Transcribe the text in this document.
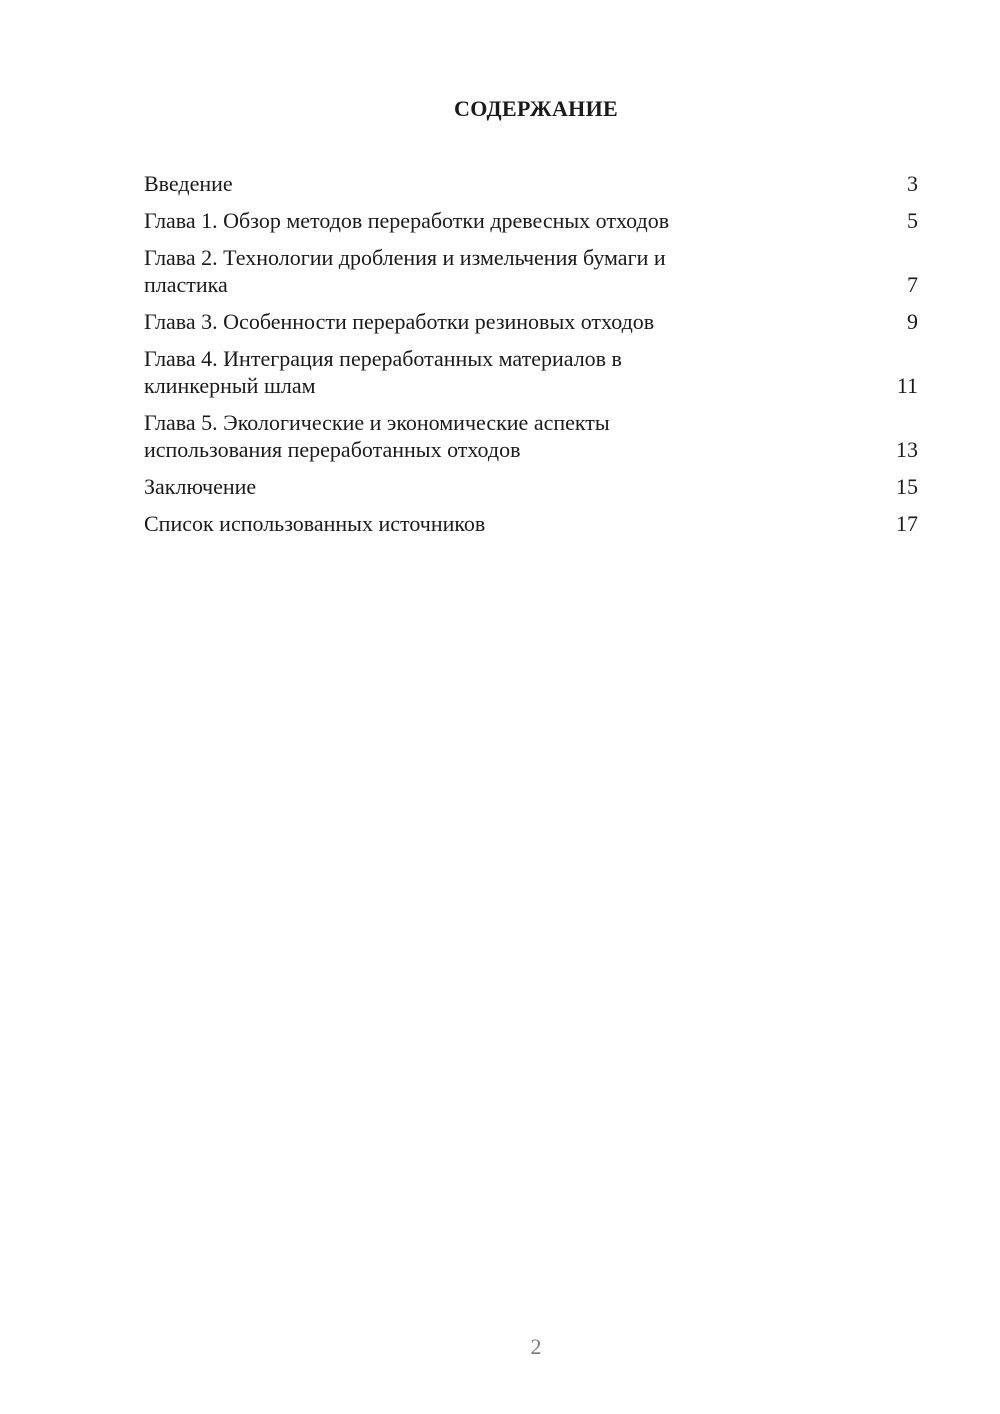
СОДЕРЖАНИЕ
Введение	3
Глава 1. Обзор методов переработки древесных отходов	5
Глава 2. Технологии дробления и измельчения бумаги и
пластика	7
Глава 3. Особенности переработки резиновых отходов	9
Глава 4. Интеграция переработанных материалов в
клинкерный шлам	11
Глава 5. Экологические и экономические аспекты
использования переработанных отходов	13
Заключение	15
Список использованных источников	17
2
